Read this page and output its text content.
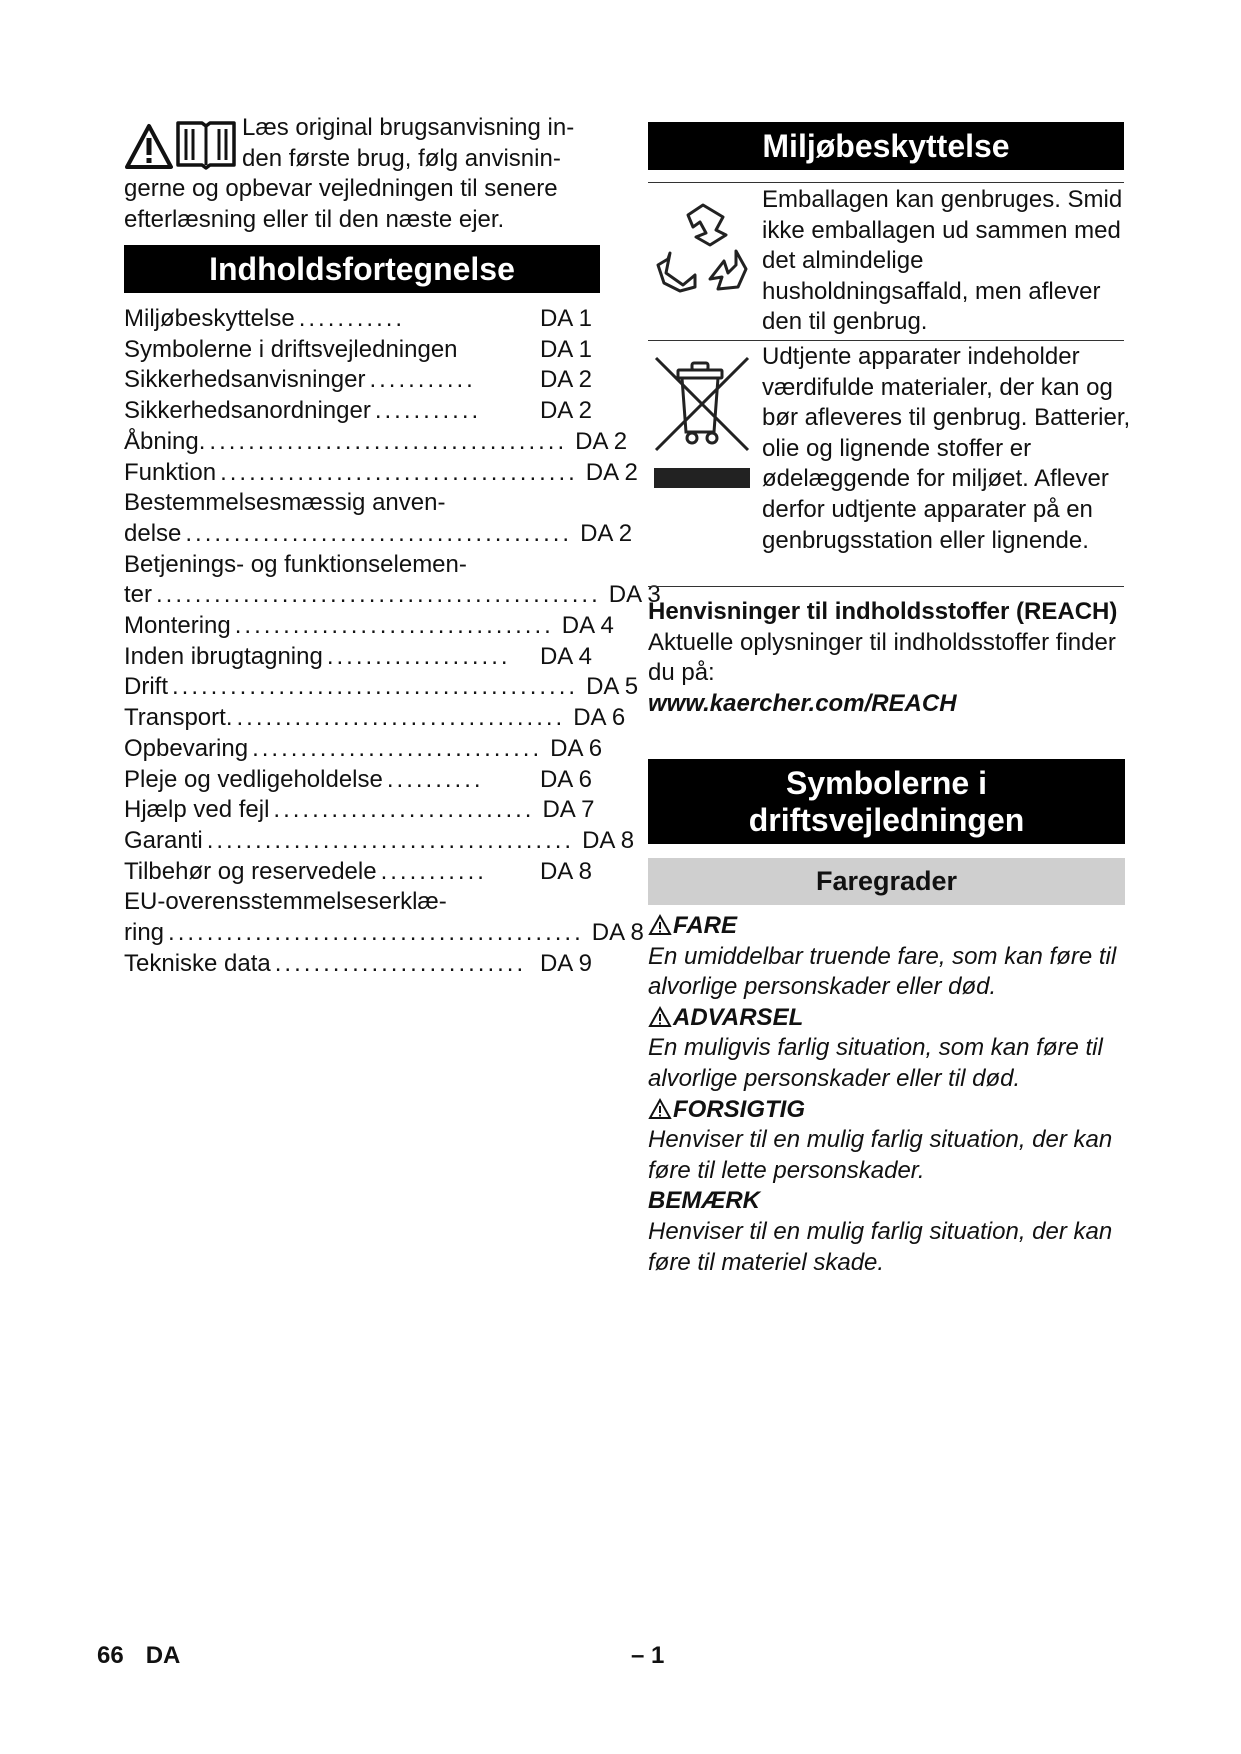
Læs original brugsanvisning in-

den første brug, følg anvisnin-

gerne og opbevar vejledningen til senere efterlæsning eller til den næste ejer.

Indholdsfortegnelse
Miljøbeskyttelse ...........	DA 1
Symbolerne i driftsvejledningen	DA 1
Sikkerhedsanvisninger ...........	DA 2
Sikkerhedsanordninger ...........	DA 2
Åbning. ..................................... DA 2
Funktion ..................................... DA 2
Bestemmelsesmæssig anven-
delse ........................................ DA 2
Betjenings- og funktionselemen-
ter .............................................. DA 3
Montering ................................. DA 4
Inden ibrugtagning ...................	DA 4
Drift .......................................... DA 5
Transport. .................................. DA 6
Opbevaring .............................. DA 6
Pleje og vedligeholdelse ..........	DA 6
Hjælp ved fejl ........................... DA 7
Garanti ...................................... DA 8
Tilbehør og reservedele ...........	DA 8
EU-overensstemmelseserklæ-
ring ........................................... DA 8
Tekniske data .......................... DA 9
Miljøbeskyttelse
Emballagen kan genbruges. Smid ikke emballagen ud sammen med det almindelige husholdningsaffald, men aflever den til genbrug.
Udtjente apparater indeholder værdifulde materialer, der kan og bør afleveres til genbrug. Batterier, olie og lignende stoffer er ødelæggende for miljøet. Aflever derfor udtjente apparater på en genbrugsstation eller lignende.
Henvisninger til indholdsstoffer (REACH)

Aktuelle oplysninger til indholdsstoffer finder du på:

www.kaercher.com/REACH

Symbolerne i
driftsvejledningen
Faregrader
FARE
En umiddelbar truende fare, som kan føre til alvorlige personskader eller død.
ADVARSEL
En muligvis farlig situation, som kan føre til alvorlige personskader eller til død.
FORSIGTIG
Henviser til en mulig farlig situation, der kan føre til lette personskader.
BEMÆRK
Henviser til en mulig farlig situation, der kan føre til materiel skade.
66 DA	– 1
